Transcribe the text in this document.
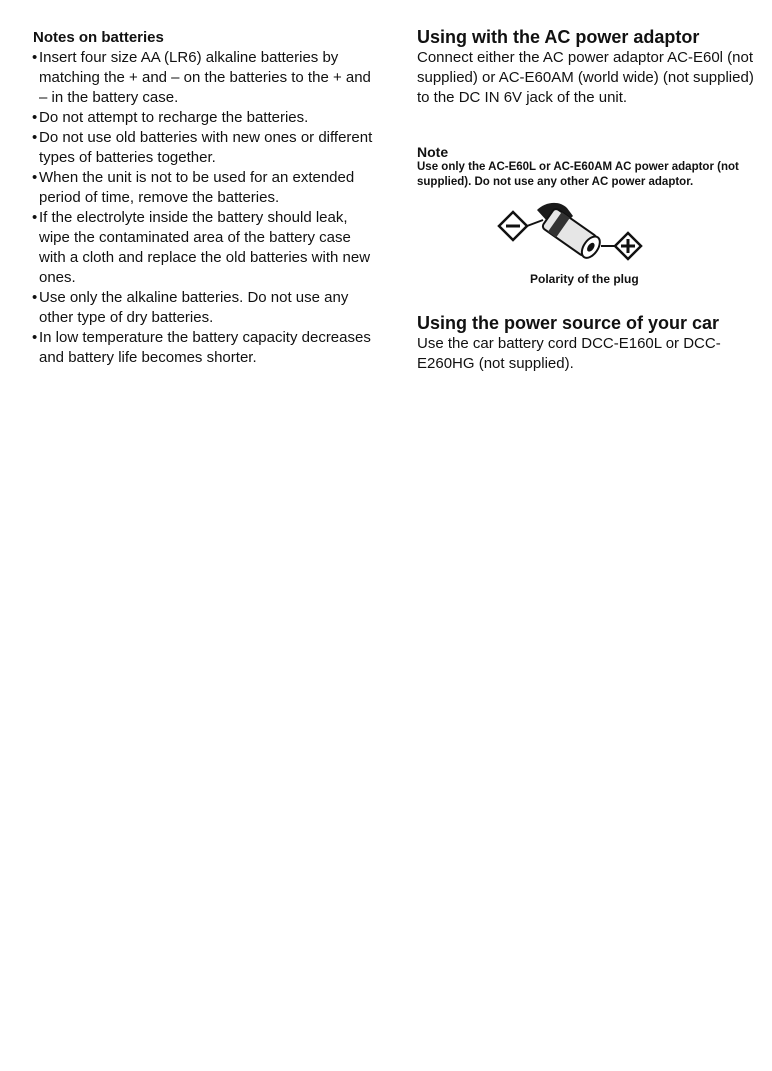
Notes on batteries
• Insert four size AA (LR6) alkaline batteries by matching the + and – on the batteries to the + and – in the battery case.
• Do not attempt to recharge the batteries.
• Do not use old batteries with new ones or different types of batteries together.
• When the unit is not to be used for an extended period of time, remove the batteries.
• If the electrolyte inside the battery should leak, wipe the contaminated area of the battery case with a cloth and replace the old batteries with new ones.
• Use only the alkaline batteries. Do not use any other type of dry batteries.
• In low temperature the battery capacity decreases and battery life becomes shorter.
Using with the AC power adaptor

Connect either the AC power adaptor AC-E60l (not supplied) or AC-E60AM (world wide) (not supplied) to the DC IN 6V jack of the unit.

Note

Use only the AC-E60L or AC-E60AM AC power adaptor (not supplied). Do not use any other AC power adaptor.

Polarity of the plug
Using the power source of your car

Use the car battery cord DCC-E160L or DCC-E260HG (not supplied).
